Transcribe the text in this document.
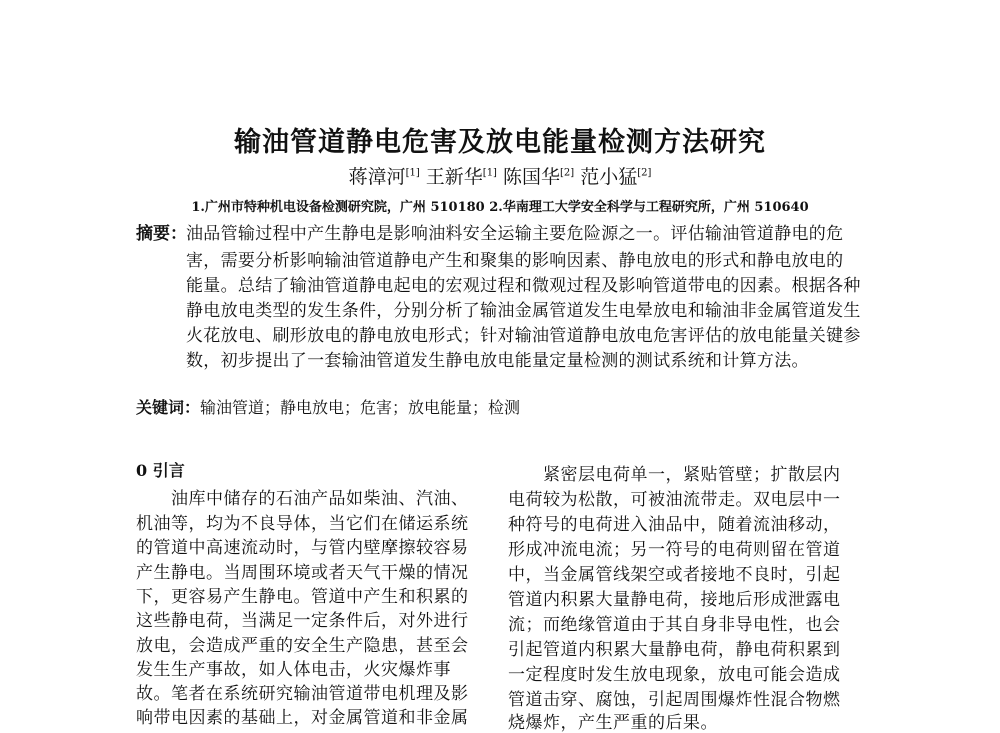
输油管道静电危害及放电能量检测方法研究
蒋漳河[1] 王新华[1] 陈国华[2] 范小猛[2]
1.广州市特种机电设备检测研究院，广州 510180 2.华南理工大学安全科学与工程研究所，广州 510640
摘要： 油品管输过程中产生静电是影响油料安全运输主要危险源之一。评估输油管道静电的危
害，需要分析影响输油管道静电产生和聚集的影响因素、静电放电的形式和静电放电的
能量。总结了输油管道静电起电的宏观过程和微观过程及影响管道带电的因素。根据各种
静电放电类型的发生条件，分别分析了输油金属管道发生电晕放电和输油非金属管道发生
火花放电、刷形放电的静电放电形式；针对输油管道静电放电危害评估的放电能量关键参
数，初步提出了一套输油管道发生静电放电能量定量检测的测试系统和计算方法。
关键词：输油管道；静电放电；危害；放电能量；检测
0 引言
　　油库中储存的石油产品如柴油、汽油、
机油等，均为不良导体，当它们在储运系统
的管道中高速流动时，与管内壁摩擦较容易
产生静电。当周围环境或者天气干燥的情况
下，更容易产生静电。管道中产生和积累的
这些静电荷，当满足一定条件后，对外进行
放电，会造成严重的安全生产隐患，甚至会
发生生产事故，如人体电击，火灾爆炸事
故。笔者在系统研究输油管道带电机理及影
响带电因素的基础上，对金属管道和非金属
　　紧密层电荷单一，紧贴管壁；扩散层内
电荷较为松散，可被油流带走。双电层中一
种符号的电荷进入油品中，随着流油移动，
形成冲流电流；另一符号的电荷则留在管道
中，当金属管线架空或者接地不良时，引起
管道内积累大量静电荷，接地后形成泄露电
流；而绝缘管道由于其自身非导电性，也会
引起管道内积累大量静电荷，静电荷积累到
一定程度时发生放电现象，放电可能会造成
管道击穿、腐蚀，引起周围爆炸性混合物燃
烧爆炸，产生严重的后果。
